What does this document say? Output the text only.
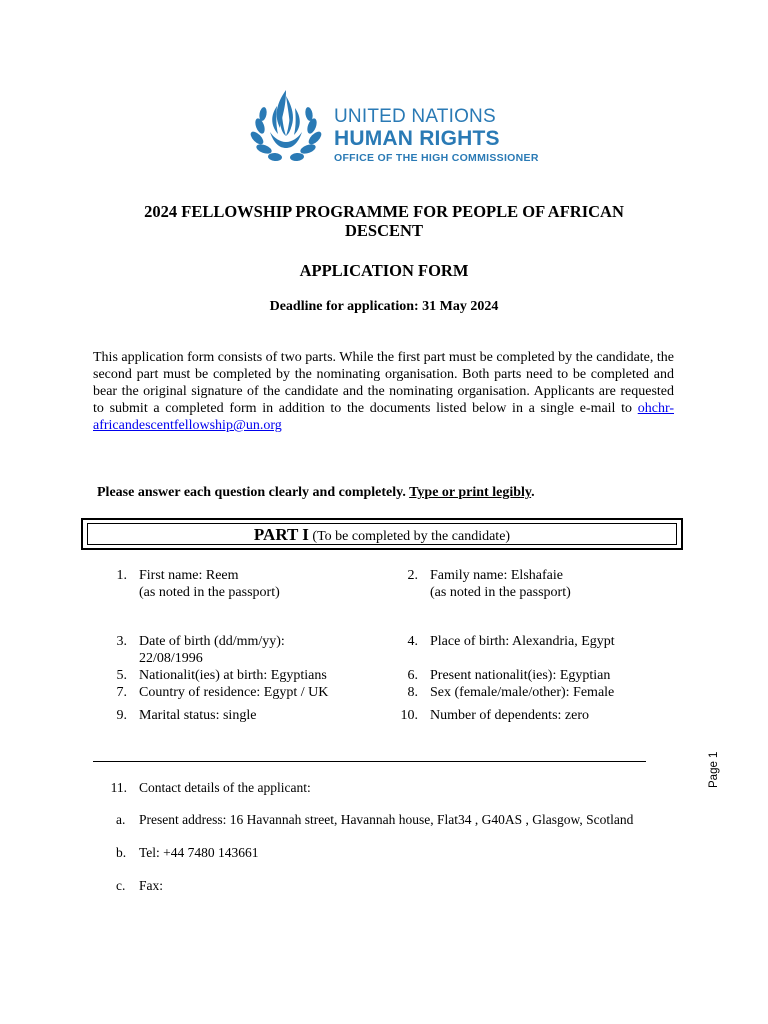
UNITED NATIONS
HUMAN RIGHTS
OFFICE OF THE HIGH COMMISSIONER
2024 FELLOWSHIP PROGRAMME FOR PEOPLE OF AFRICAN
DESCENT
APPLICATION FORM
Deadline for application: 31 May 2024
This application form consists of two parts. While the first part must be completed by the candidate, the second part must be completed by the nominating organisation. Both parts need to be completed and bear the original signature of the candidate and the nominating organisation. Applicants are requested to submit a completed form in addition to the documents listed below in a single e-mail to ohchr-africandescentfellowship@un.org
Please answer each question clearly and completely. Type or print legibly.
PART I (To be completed by the candidate)
1. First name: Reem
(as noted in the passport)
3. Date of birth (dd/mm/yy):
22/08/1996
5. Nationalit(ies) at birth: Egyptians
7. Country of residence: Egypt / UK
9. Marital status: single
2. Family name: Elshafaie
(as noted in the passport)
4. Place of birth: Alexandria, Egypt
6. Present nationalit(ies): Egyptian
8. Sex (female/male/other): Female
10. Number of dependents: zero
11. Contact details of the applicant:
a.	Present address: 16 Havannah street, Havannah house, Flat34 , G40AS , Glasgow, Scotland
b. Tel: +44 7480 143661
c.	Fax:
Page 1
